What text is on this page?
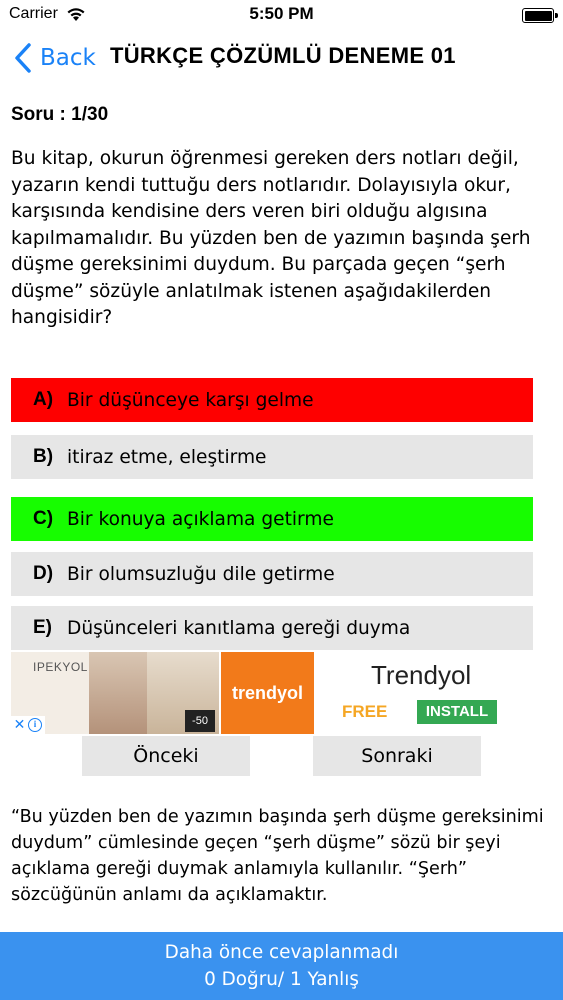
Carrier	5:50 PM
Back TÜRKÇE ÇÖZÜMLÜ DENEME 01
Soru : 1/30
Bu kitap, okurun öğrenmesi gereken ders notları değil, yazarın kendi tuttuğu ders notlarıdır. Dolayısıyla okur, karşısında kendisine ders veren biri olduğu algısına kapılmamalıdır. Bu yüzden ben de yazımın başında şerh düşme gereksinimi duydum. Bu parçada geçen “şerh düşme” sözüyle anlatılmak istenen aşağıdakilerden hangisidir?
A) Bir düşünceye karşı gelme
B) itiraz etme, eleştirme
C) Bir konuya açıklama getirme
D) Bir olumsuzluğu dile getirme
E) Düşünceleri kanıtlama gereği duyma
IPEKYOL
-50
trendyol
Trendyol
FREE	INSTALL
✕ i
Önceki	Sonraki
“Bu yüzden ben de yazımın başında şerh düşme gereksinimi duydum” cümlesinde geçen “şerh düşme” sözü bir şeyi açıklama gereği duymak anlamıyla kullanılır. “Şerh” sözcüğünün anlamı da açıklamaktır.
Daha önce cevaplanmadı
0 Doğru/ 1 Yanlış
